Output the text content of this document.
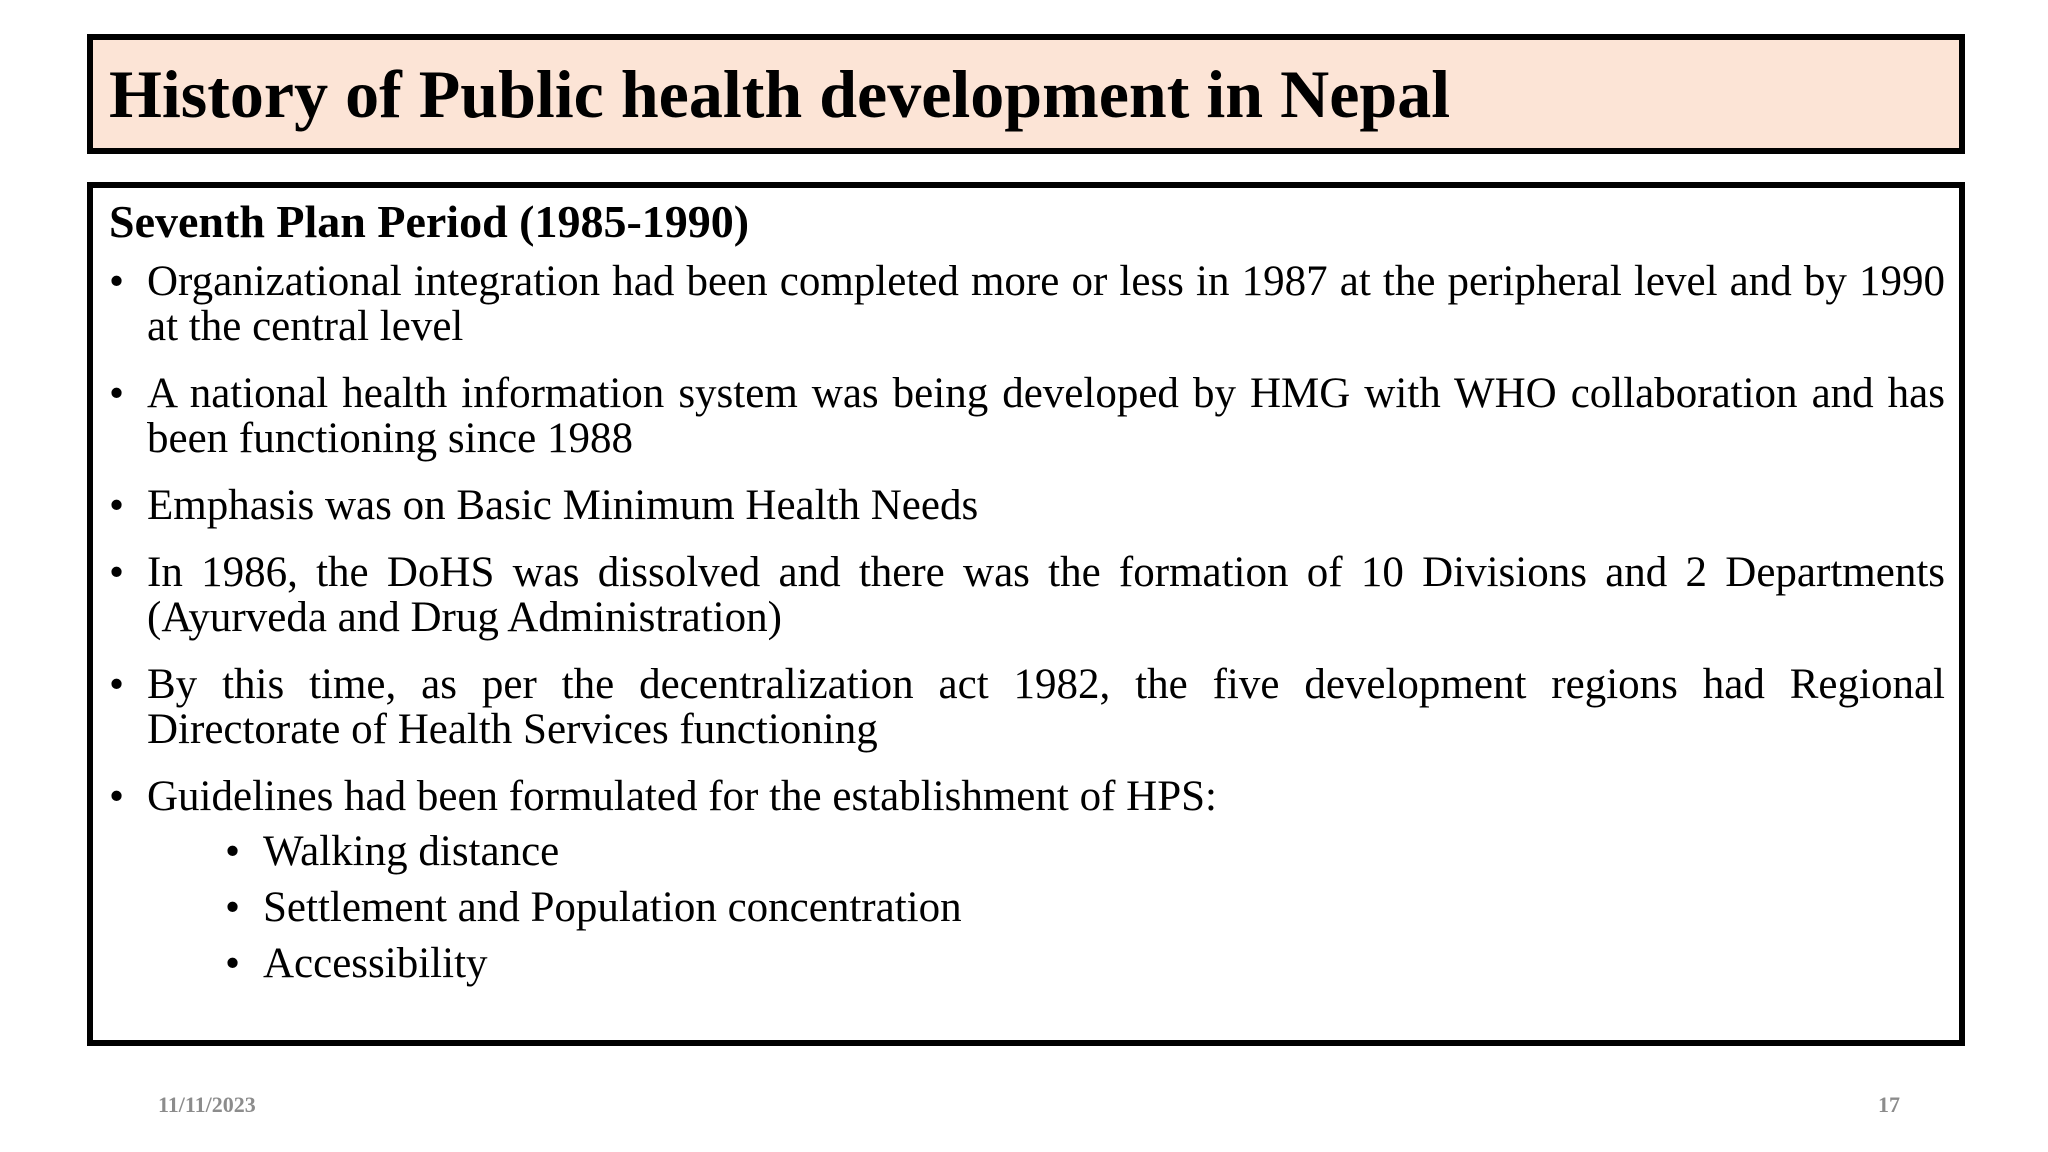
History of Public health development in Nepal
Seventh Plan Period (1985-1990)
• Organizational integration had been completed more or less in 1987 at the peripheral level and by 1990 at the central level
• A national health information system was being developed by HMG with WHO collaboration and has been functioning since 1988
• Emphasis was on Basic Minimum Health Needs
• In 1986, the DoHS was dissolved and there was the formation of 10 Divisions and 2 Departments (Ayurveda and Drug Administration)
• By this time, as per the decentralization act 1982, the five development regions had Regional Directorate of Health Services functioning
• Guidelines had been formulated for the establishment of HPS:
• Walking distance
• Settlement and Population concentration
• Accessibility
11/11/2023	17
